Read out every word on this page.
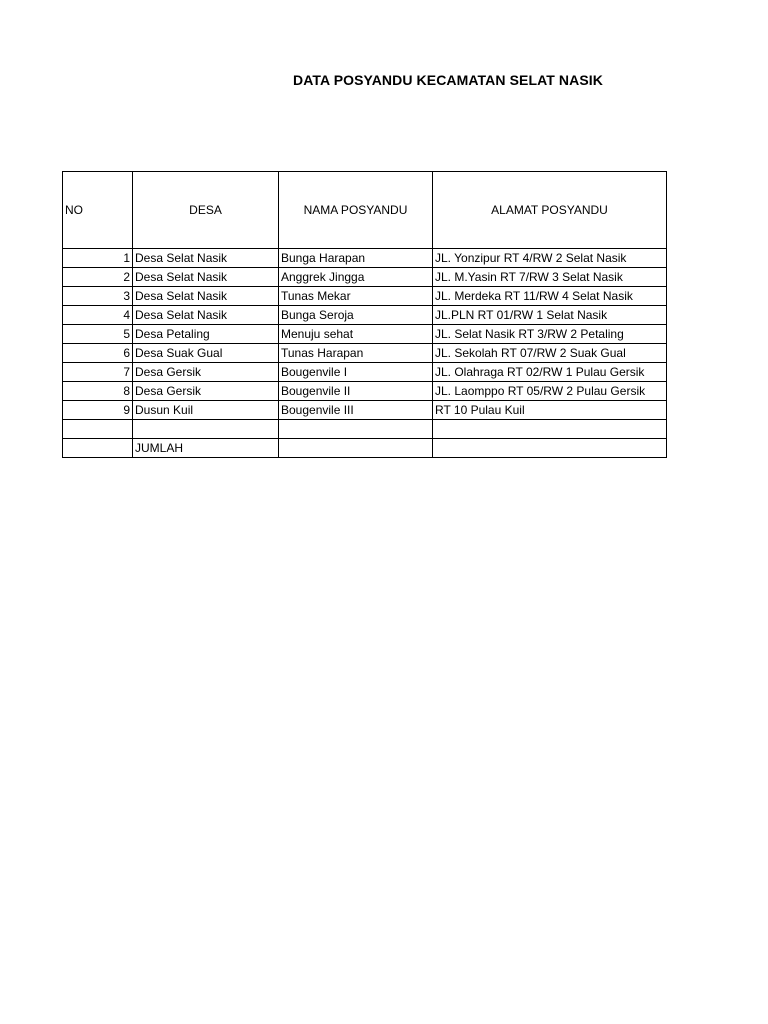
DATA POSYANDU KECAMATAN SELAT NASIK
NO	DESA	NAMA POSYANDU	ALAMAT POSYANDU
1	Desa Selat Nasik	Bunga Harapan	JL. Yonzipur RT 4/RW 2 Selat Nasik
2	Desa Selat Nasik	Anggrek Jingga	JL. M.Yasin RT 7/RW 3 Selat Nasik
3	Desa Selat Nasik	Tunas Mekar	JL. Merdeka RT 11/RW 4 Selat Nasik
4	Desa Selat Nasik	Bunga Seroja	JL.PLN RT 01/RW 1 Selat Nasik
5	Desa Petaling	Menuju sehat	JL. Selat Nasik RT 3/RW 2 Petaling
6	Desa Suak Gual	Tunas Harapan	JL. Sekolah RT 07/RW 2 Suak Gual
7	Desa Gersik	Bougenvile I	JL. Olahraga RT 02/RW 1 Pulau Gersik
8	Desa Gersik	Bougenvile II	JL. Laomppo RT 05/RW 2 Pulau Gersik
9	Dusun Kuil	Bougenvile III	RT 10 Pulau Kuil

	JUMLAH		
